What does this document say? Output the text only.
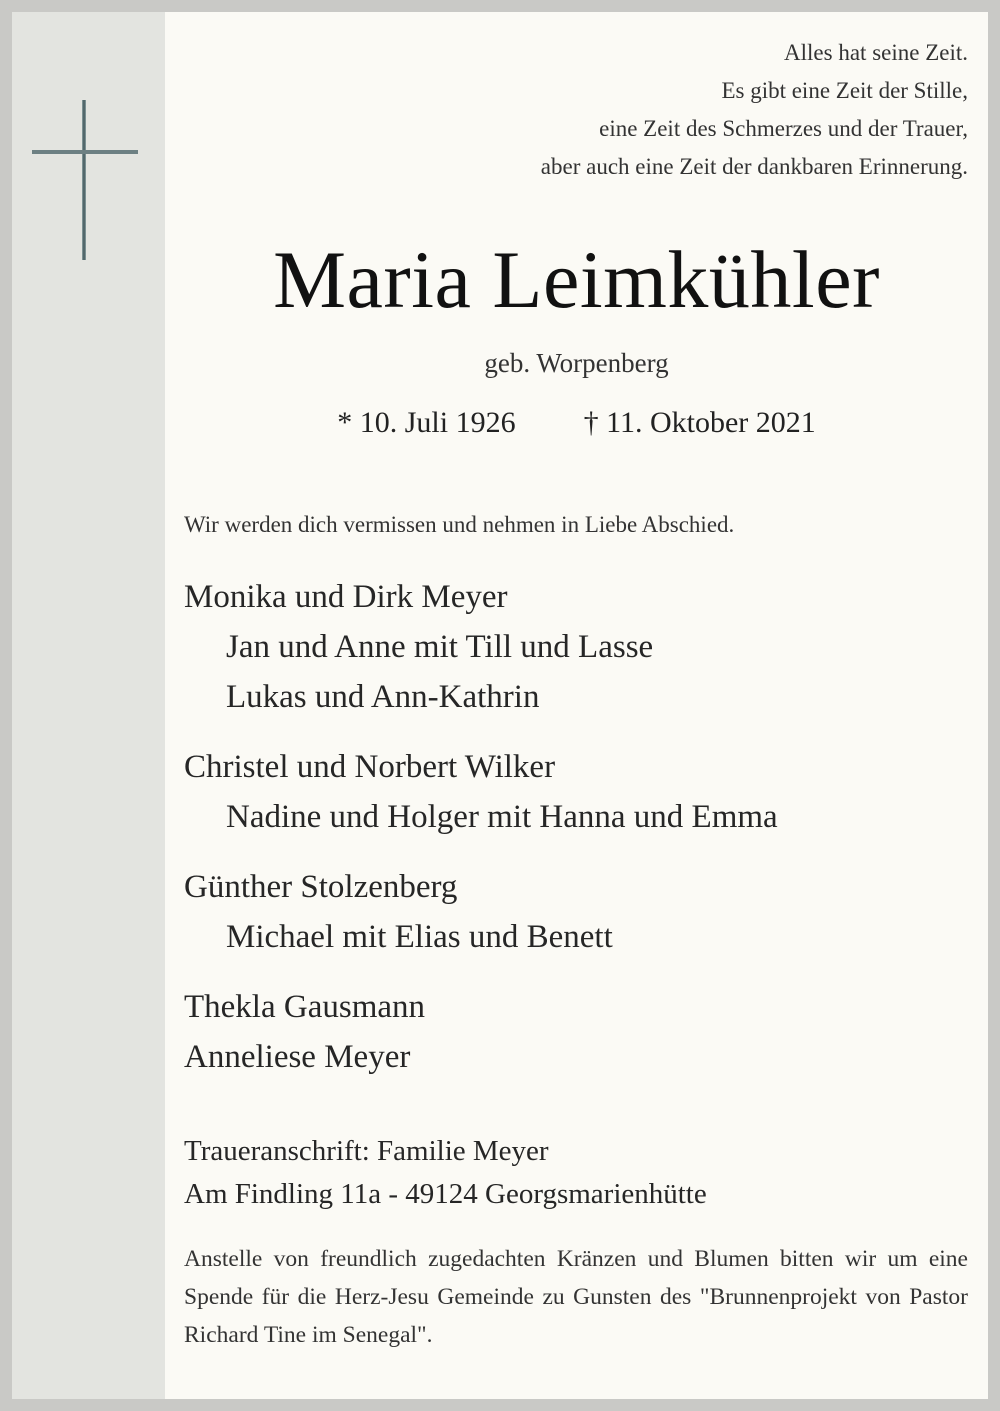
Alles hat seine Zeit.
Es gibt eine Zeit der Stille,
eine Zeit des Schmerzes und der Trauer,
aber auch eine Zeit der dankbaren Erinnerung.
Maria Leimkühler
geb. Worpenberg
* 10. Juli 1926 † 11. Oktober 2021
Wir werden dich vermissen und nehmen in Liebe Abschied.
Monika und Dirk Meyer
Jan und Anne mit Till und Lasse
Lukas und Ann-Kathrin
Christel und Norbert Wilker
Nadine und Holger mit Hanna und Emma
Günther Stolzenberg
Michael mit Elias und Benett
Thekla Gausmann
Anneliese Meyer
Traueranschrift: Familie Meyer
Am Findling 11a - 49124 Georgsmarienhütte
Anstelle von freundlich zugedachten Kränzen und Blumen bitten wir um eine Spende für die Herz-Jesu Gemeinde zu Gunsten des "Brunnenprojekt von Pastor Richard Tine im Senegal".
